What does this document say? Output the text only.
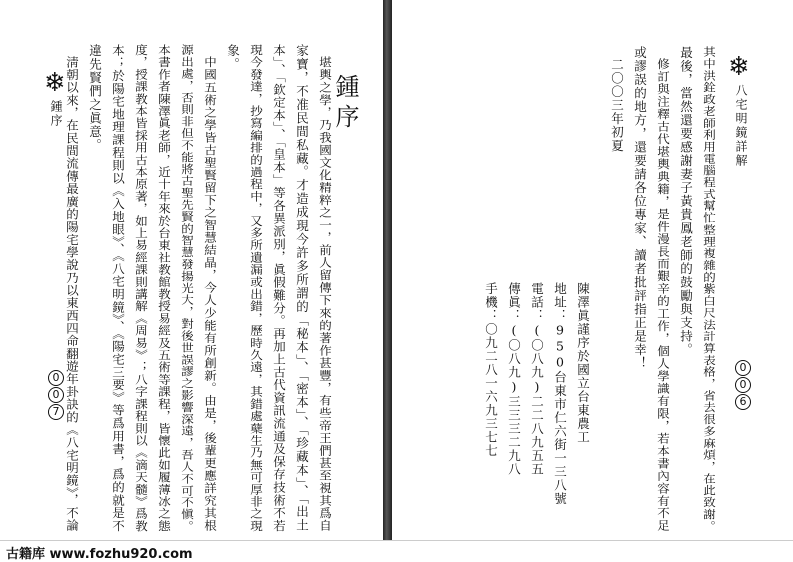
堪輿之學，乃我國文化精粹之一，前人留傳下來的著作甚豐，有些帝王們甚至視其爲自
家寶，不准民間私藏。才造成現今許多所謂的「秘本」、「密本」、「珍藏本」、「出土
本」、「欽定本」、「皇本」等各異派別，眞假難分。再加上古代資訊流通及保存技術不若
現今發達，抄寫編排的過程中，又多所遺漏或出錯，歷時久遠，其錯處蘖生乃無可厚非之現
象。
中國五術之學皆古聖賢留下之智慧結晶，今人少能有所創新。由是，後輩更應詳究其根
源出處，否則非但不能將古聖先賢的智慧發揚光大，對後世誤謬之影響深遠，吾人不可不愼。
本書作者陳澤眞老師，近十年來於台東社教館教授易經及五術等課程，皆懷此如履薄冰之態
度，授課教本皆採用古本原著，如上易經課則講解《周易》；八字課程則以《滴天髓》爲教
本；於陽宅地理課程則以《入地眼》、《八宅明鏡》、《陽宅三要》等爲用書，爲的就是不
違先賢們之眞意。
淸朝以來，在民間流傳最廣的陽宅學說乃以東西四命翻遊年卦訣的《八宅明鏡》，不論	鍾序
❄
鍾序
0
0
7
❄
八宅明鏡詳解
其中洪銓政老師利用電腦程式幫忙整理複雜的紫白尺法計算表格，省去很多麻煩，在此致謝。
最後，當然還要感謝妻子黃貴鳳老師的鼓勵與支持。
修訂與注釋古代堪輿典籍，是件漫長而艱辛的工作，個人學識有限，若本書內容有不足
或謬誤的地方，還要請各位專家、讀者批評指正是幸！
二〇〇三年初夏
陳澤眞謹序於國立台東農工
地址：950台東市仁六街一三八號
電話：(〇八九)二二八九五五
傳眞：(〇八九)三三三二九八
手機：〇九二八一六九三七七	0
0
6
古籍库 www.fozhu920.com
